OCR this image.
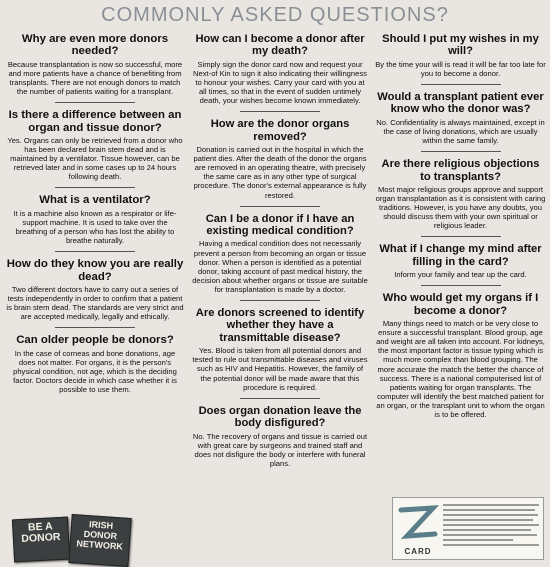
COMMONLY ASKED QUESTIONS?

Why are even more donors needed?

Because transplantation is now so successful, more and more patients have a chance of benefiting from transplants. There are not enough donors to match the number of patients waiting for a transplant.

Is there a difference between an organ and tissue donor?

Yes. Organs can only be retrieved from a donor who has been declared brain stem dead and is maintained by a ventilator. Tissue however, can be retrieved later and in some cases up to 24 hours following death.

What is a ventilator?

It is a machine also known as a respirator or life-support machine. It is used to take over the breathing of a person who has lost the ability to breathe naturally.

How do they know you are really dead?

Two different doctors have to carry out a series of tests independently in order to confirm that a patient is brain stem dead. The standards are very strict and are accepted medically, legally and ethically.

Can older people be donors?

In the case of corneas and bone donations, age does not matter. For organs, it is the person's physical condition, not age, which is the deciding factor. Doctors decide in which case whether it is possible to use them.

How can I become a donor after my death?

Simply sign the donor card now and request your Next-of Kin to sign it also indicating their willingness to honour your wishes. Carry your card with you at all times, so that in the event of sudden untimely death, your wishes become known immediately.

How are the donor organs removed?

Donation is carried out in the hospital in which the patient dies. After the death of the donor the organs are removed in an operating theatre, with precisely the same care as in any other type of surgical procedure. The donor's external appearance is fully restored.

Can I be a donor if I have an existing medical condition?

Having a medical condition does not necessarily prevent a person from becoming an organ or tissue donor. When a person is identified as a potential donor, taking account of past medical history, the decision about whether organs or tissue are suitable for transplantation is made by a doctor.

Are donors screened to identify whether they have a transmittable disease?

Yes. Blood is taken from all potential donors and tested to rule out transmittable diseases and viruses such as HIV and Hepatitis. However, the family of the potential donor will be made aware that this procedure is required.

Does organ donation leave the body disfigured?

No. The recovery of organs and tissue is carried out with great care by surgeons and trained staff and does not disfigure the body or interfere with funeral plans.

Should I put my wishes in my will?

By the time your will is read it will be far too late for you to become a donor.

Would a transplant patient ever know who the donor was?

No. Confidentiality is always maintained, except in the case of living donations, which are usually within the same family.

Are there religious objections to transplants?

Most major religious groups approve and support organ transplantation as it is consistent with caring traditions. However, is you have any doubts, you should discuss them with your own spiritual or religious leader.

What if I change my mind after filling in the card?

Inform your family and tear up the card.

Who would get my organs if I become a donor?

Many things need to match or be very close to ensure a successful transplant. Blood group, age and weight are all taken into account. For kidneys, the most important factor is tissue typing which is much more complex than blood grouping. The more accurate the match the better the chance of success. There is a national computerised list of patients waiting for organ transplants. The computer will identify the best matched patient for an organ, or the transplant unit to whom the organ is to be offered.

BE A DONOR
IRISH DONOR NETWORK	CARD
